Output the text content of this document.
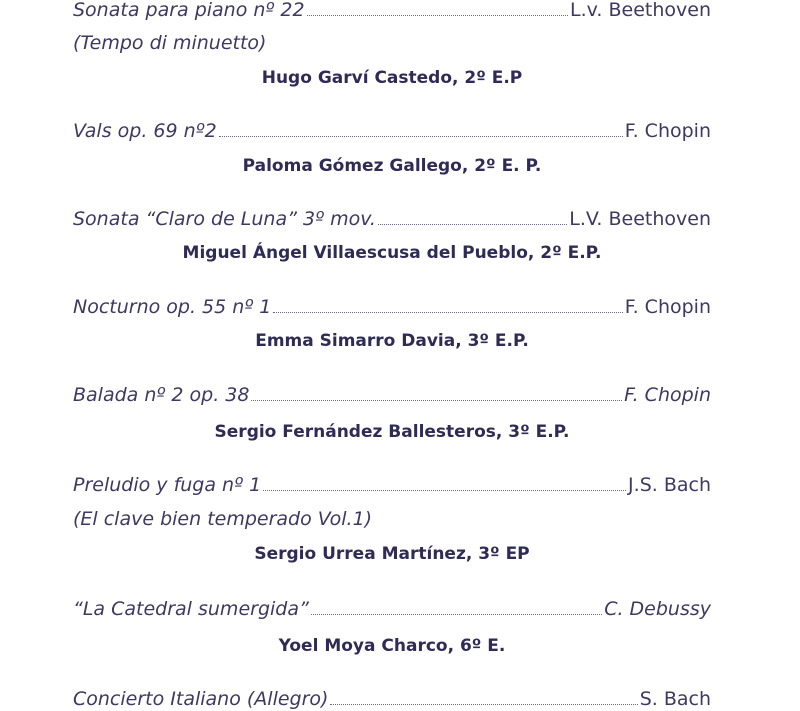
Sonata para piano nº 22	L.v. Beethoven
(Tempo di minuetto)
Hugo Garví Castedo, 2º E.P
Vals op. 69 nº2	F. Chopin
Paloma Gómez Gallego, 2º E. P.
Sonata “Claro de Luna” 3º mov.	L.V. Beethoven
Miguel Ángel Villaescusa del Pueblo, 2º E.P.
Nocturno op. 55 nº 1	F. Chopin
Emma Simarro Davia, 3º E.P.
Balada nº 2 op. 38	F. Chopin
Sergio Fernández Ballesteros, 3º E.P.
Preludio y fuga nº 1	J.S. Bach
(El clave bien temperado Vol.1)
Sergio Urrea Martínez, 3º EP
“La Catedral sumergida”	C. Debussy
Yoel Moya Charco, 6º E.
Concierto Italiano (Allegro)	S. Bach
